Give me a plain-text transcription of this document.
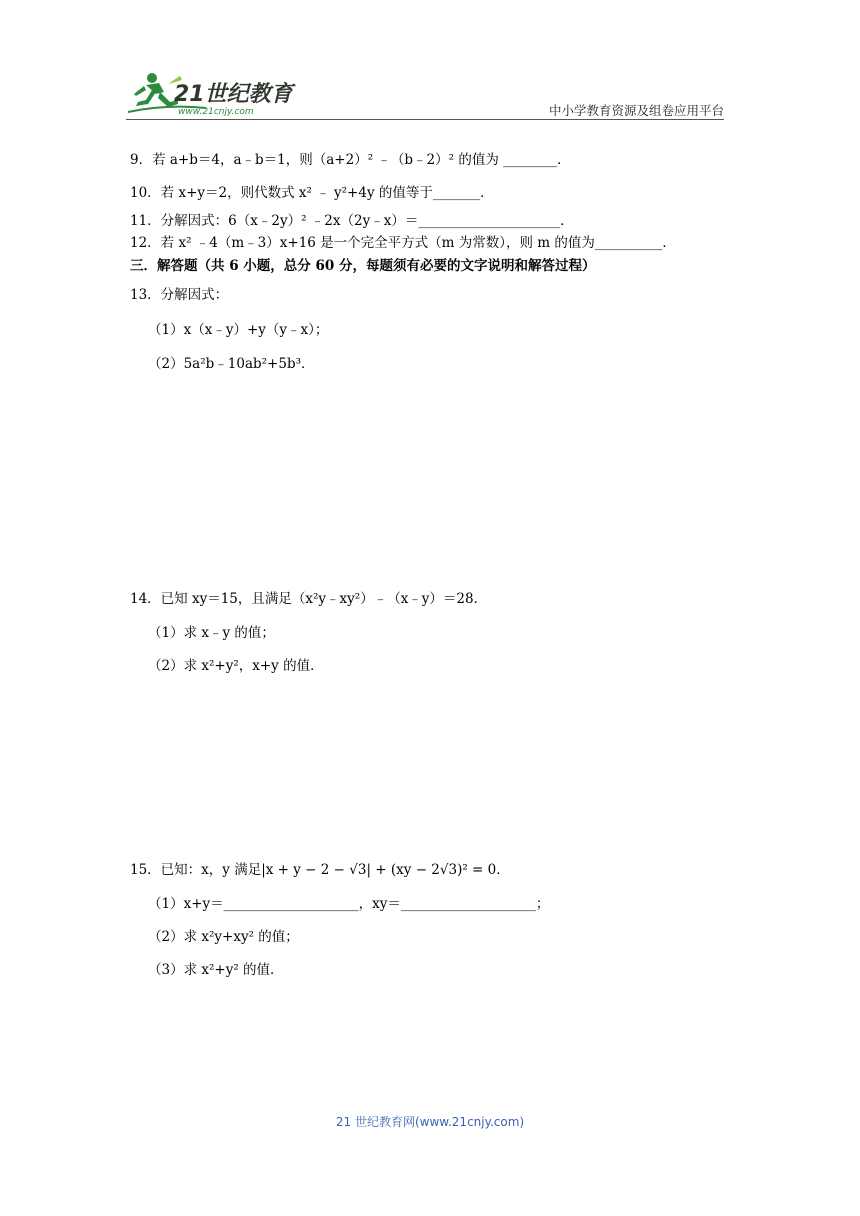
21世纪教育
www.21cnjy.com	中小学教育资源及组卷应用平台
9．若 a+b＝4，a﹣b＝1，则（a+2）² ﹣（b﹣2）² 的值为 ________．
10．若 x+y＝2，则代数式 x² ﹣ y²+4y 的值等于_______．
11．分解因式：6（x﹣2y）² ﹣2x（2y﹣x）＝_____________________．
12．若 x² ﹣4（m﹣3）x+16 是一个完全平方式（m 为常数），则 m 的值为__________．
三．解答题（共 6 小题，总分 60 分，每题须有必要的文字说明和解答过程）
13．分解因式：
（1）x（x﹣y）+y（y﹣x）；
（2）5a²b﹣10ab²+5b³．
14．已知 xy＝15，且满足（x²y﹣xy²）﹣（x﹣y）＝28．
（1）求 x﹣y 的值；
（2）求 x²+y²，x+y 的值．
15．已知：x，y 满足|x + y − 2 − √3| + (xy − 2√3)² = 0．
（1）x+y＝____________________，xy＝____________________；
（2）求 x²y+xy² 的值；
（3）求 x²+y² 的值．
21 世纪教育网(www.21cnjy.com)
